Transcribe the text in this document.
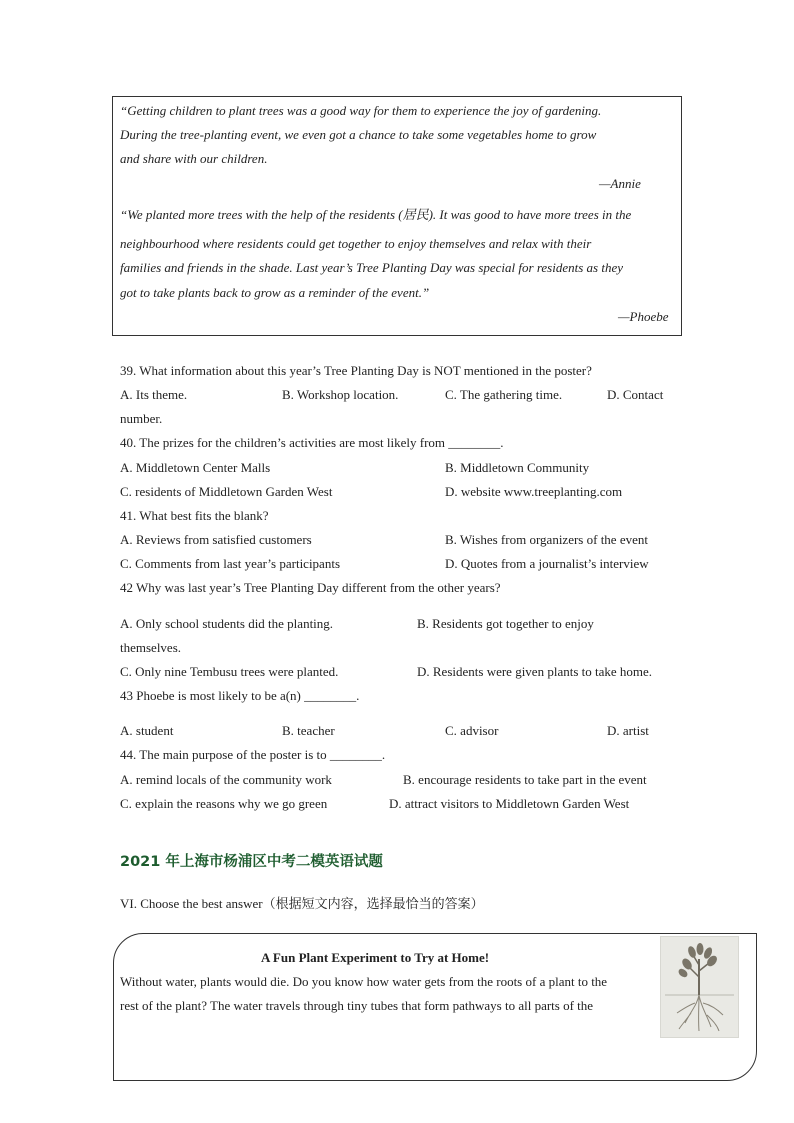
“Getting children to plant trees was a good way for them to experience the joy of gardening.
During the tree-planting event, we even got a chance to take some vegetables home to grow
and share with our children.
—Annie
“We planted more trees with the help of the residents (居民). It was good to have more trees in the
neighbourhood where residents could get together to enjoy themselves and relax with their
families and friends in the shade. Last year’s Tree Planting Day was special for residents as they
got to take plants back to grow as a reminder of the event.”
—Phoebe
39. What information about this year’s Tree Planting Day is NOT mentioned in the poster?
A. Its theme.	B. Workshop location.	C. The gathering time.	D. Contact
number.
40. The prizes for the children’s activities are most likely from ________.
A. Middletown Center Malls	B. Middletown Community
C. residents of Middletown Garden West	D. website www.treeplanting.com
41. What best fits the blank?
A. Reviews from satisfied customers	B. Wishes from organizers of the event
C. Comments from last year’s participants	D. Quotes from a journalist’s interview
42 Why was last year’s Tree Planting Day different from the other years?
A. Only school students did the planting.	B. Residents got together to enjoy
themselves.
C. Only nine Tembusu trees were planted.	D. Residents were given plants to take home.
43 Phoebe is most likely to be a(n) ________.
A. student	B. teacher	C. advisor	D. artist
44. The main purpose of the poster is to ________.
A. remind locals of the community work	B. encourage residents to take part in the event
C. explain the reasons why we go green	D. attract visitors to Middletown Garden West
2021 年上海市杨浦区中考二模英语试题
VI. Choose the best answer（根据短文内容，选择最恰当的答案）
A Fun Plant Experiment to Try at Home!
Without water, plants would die. Do you know how water gets from the roots of a plant to the
rest of the plant? The water travels through tiny tubes that form pathways to all parts of the
